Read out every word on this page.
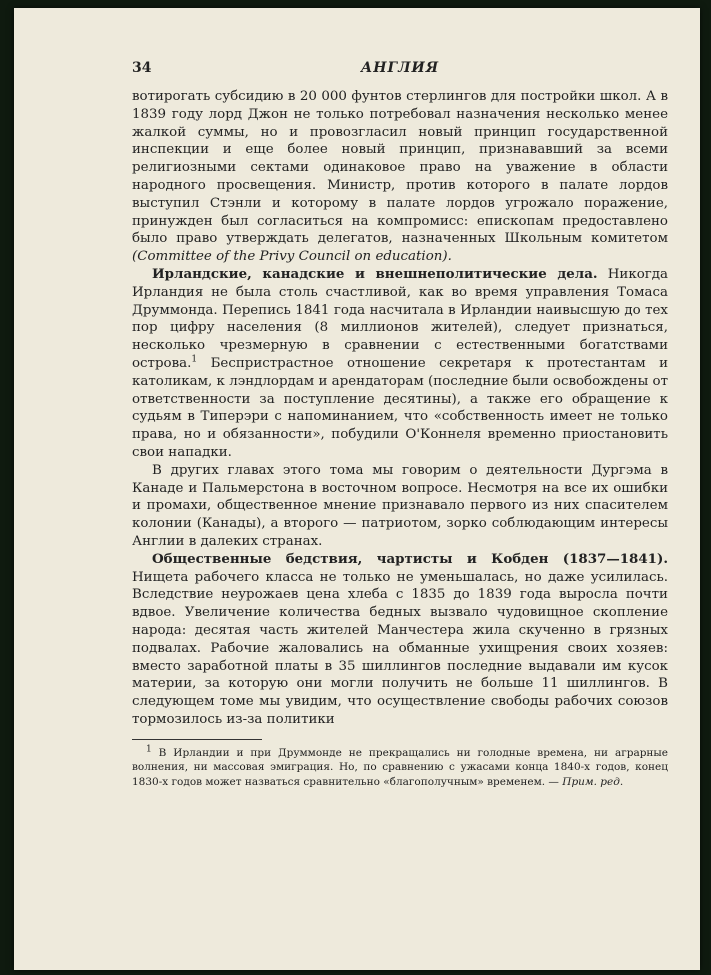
34	АНГЛИЯ

вотирогать субсидию в 20 000 фунтов стерлингов для постройки школ. А в 1839 году лорд Джон не только потребовал назначения несколько менее жалкой суммы, но и провозгласил новый принцип государственной инспекции и еще более новый принцип, признававший за всеми религиозными сектами одинаковое право на уважение в области народного просвещения. Министр, против которого в палате лордов выступил Стэнли и которому в палате лордов угрожало поражение, принужден был согласиться на компромисс: епископам предоставлено было право утверждать делегатов, назначенных Школьным комитетом (Committee of the Privy Council on education).

Ирландские, канадские и внешнеполитические дела. Никогда Ирландия не была столь счастливой, как во время управления Томаса Друммонда. Перепись 1841 года насчитала в Ирландии наивысшую до тех пор цифру населения (8 миллионов жителей), следует признаться, несколько чрезмерную в сравнении с естественными богатствами острова.$^1$ Беспристрастное отношение секретаря к протестантам и католикам, к лэндлордам и арендаторам (последние были освобождены от ответственности за поступление десятины), а также его обращение к судьям в Типерэри с напоминанием, что «собственность имеет не только права, но и обязанности», побудили О'Коннеля временно приостановить свои нападки.

В других главах этого тома мы говорим о деятельности Дургэма в Канаде и Пальмерстона в восточном вопросе. Несмотря на все их ошибки и промахи, общественное мнение признавало первого из них спасителем колонии (Канады), а второго — патриотом, зорко соблюдающим интересы Англии в далеких странах.

Общественные бедствия, чартисты и Кобден (1837—1841). Нищета рабочего класса не только не уменьшалась, но даже усилилась. Вследствие неурожаев цена хлеба с 1835 до 1839 года выросла почти вдвое. Увеличение количества бедных вызвало чудовищное скопление народа: десятая часть жителей Манчестера жила скученно в грязных подвалах. Рабочие жаловались на обманные ухищрения своих хозяев: вместо заработной платы в 35 шиллингов последние выдавали им кусок материи, за которую они могли получить не больше 11 шиллингов. В следующем томе мы увидим, что осуществление свободы рабочих союзов тормозилось из-за политики

$^1$ В Ирландии и при Друммонде не прекращались ни голодные времена, ни аграрные волнения, ни массовая эмиграция. Но, по сравнению с ужасами конца 1840-х годов, конец 1830-х годов может назваться сравнительно «благополучным» временем. — Прим. ред.
